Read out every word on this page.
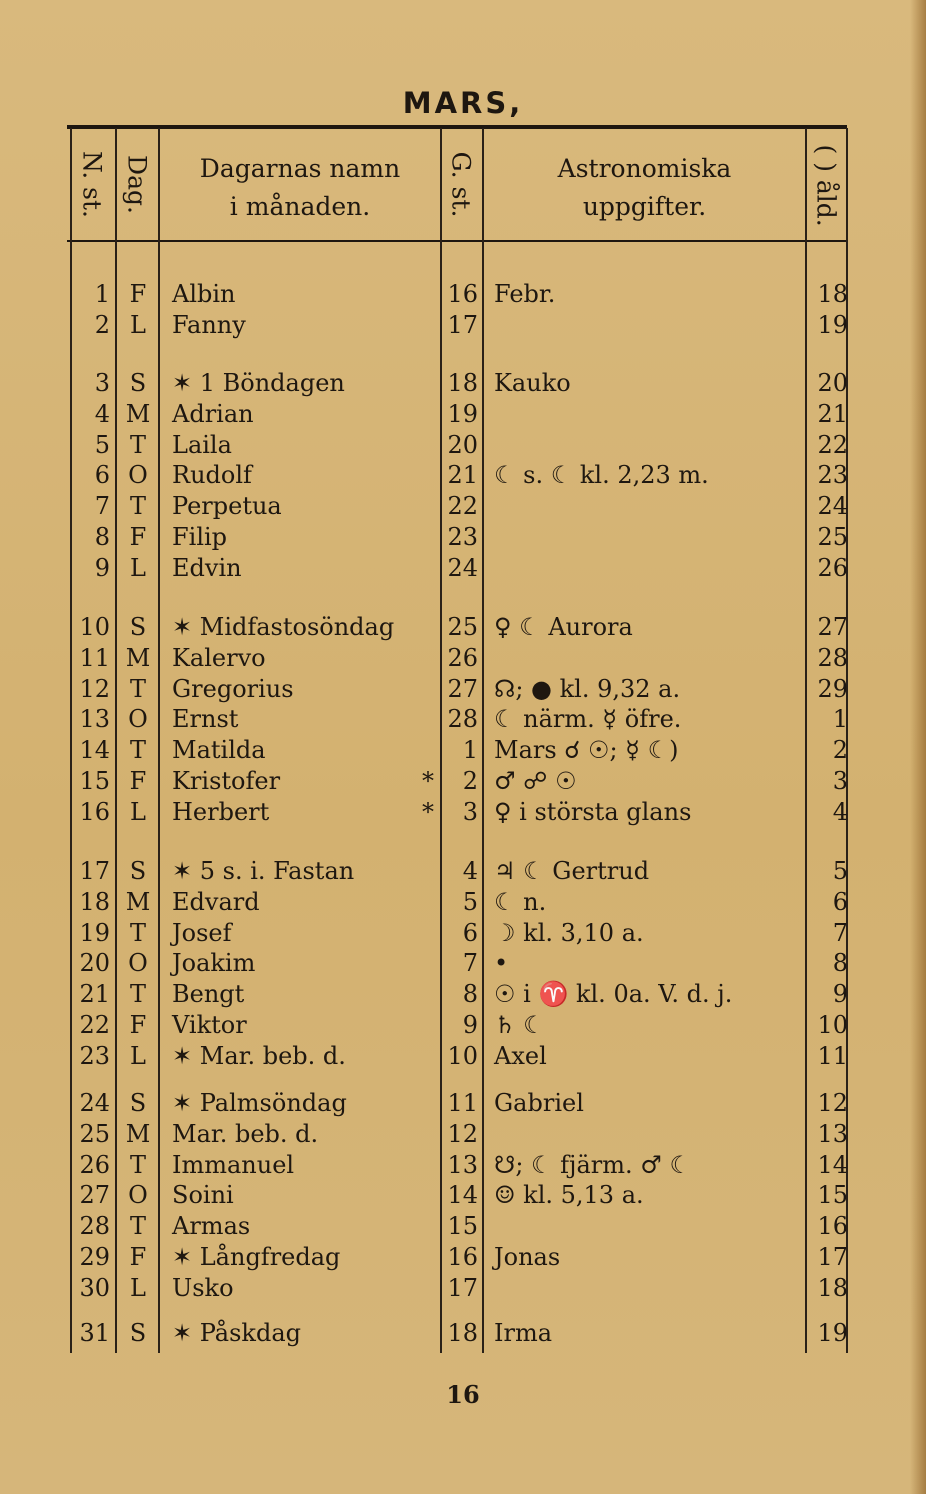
MARS,
N. st. Dag.	Dagarnas namn
i månaden.	G. st.	Astronomiska
uppgifter.	( ) åld.
1 F	Albin	16 Febr.	18
2 L	Fanny	17	19
3 S	✶ 1 Böndagen	18 Kauko	20
4 M Adrian	19	21
5 T	Laila	20	22
6 O	Rudolf	21 ☾ s. ☾ kl. 2,23 m.	23
7 T	Perpetua	22	24
8 F	Filip	23	25
9 L	Edvin	24	26
10 S	✶ Midfastosöndag	25 ♀ ☾ Aurora	27
11 M Kalervo	26	28
12 T	Gregorius	27 ☊; ● kl. 9,32 a.	29
13 O	Ernst	28 ☾ närm. ☿ öfre.	1
14 T	Matilda	1 Mars ☌ ☉; ☿ ☾)	2
15 F	Kristofer	*	2 ♂ ☍ ☉	3
16 L	Herbert	*	3 ♀ i största glans	4
17 S	✶ 5 s. i. Fastan	4 ♃ ☾ Gertrud	5
18 M Edvard	5 ☾ n.	6
19 T	Josef	6 ☽ kl. 3,10 a.	7
20 O	Joakim	7 •	8
21 T	Bengt	8 ☉ i ♈ kl. 0a. V. d. j.	9
22 F	Viktor	9 ♄ ☾	10
23 L	✶ Mar. beb. d.	10 Axel	11
24 S	✶ Palmsöndag	11 Gabriel	12
25 M Mar. beb. d.	12	13
26 T	Immanuel	13 ☋; ☾ fjärm. ♂ ☾	14
27 O	Soini	14 ☺ kl. 5,13 a.	15
28 T	Armas	15	16
29 F	✶ Långfredag	16 Jonas	17
30 L	Usko	17	18
31 S	✶ Påskdag	18 Irma	19
16
